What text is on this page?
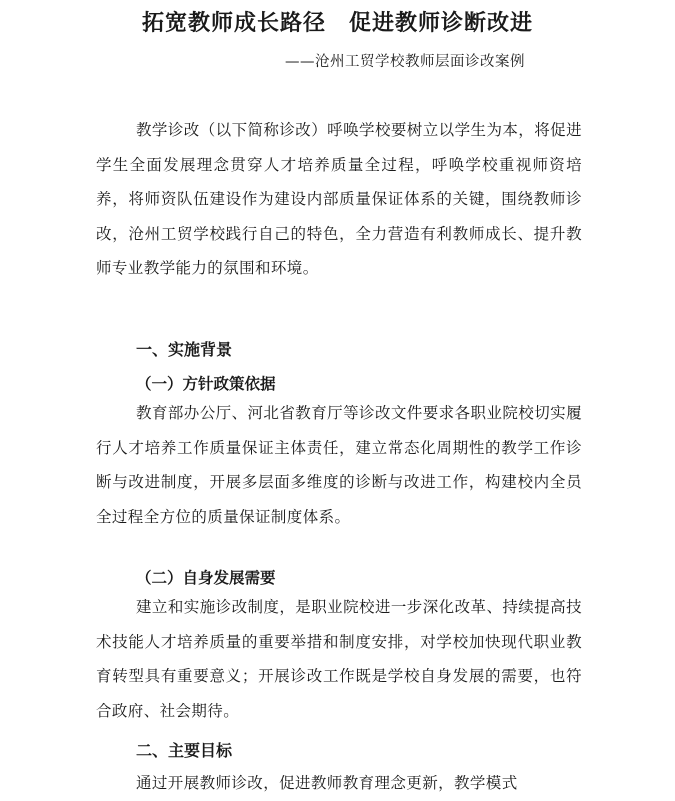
拓宽教师成长路径　促进教师诊断改进
——沧州工贸学校教师层面诊改案例
教学诊改（以下简称诊改）呼唤学校要树立以学生为本，将促进学生全面发展理念贯穿人才培养质量全过程，呼唤学校重视师资培养，将师资队伍建设作为建设内部质量保证体系的关键，围绕教师诊改，沧州工贸学校践行自己的特色，全力营造有利教师成长、提升教师专业教学能力的氛围和环境。
一、实施背景
（一）方针政策依据
教育部办公厅、河北省教育厅等诊改文件要求各职业院校切实履行人才培养工作质量保证主体责任，建立常态化周期性的教学工作诊断与改进制度，开展多层面多维度的诊断与改进工作，构建校内全员全过程全方位的质量保证制度体系。
（二）自身发展需要
建立和实施诊改制度，是职业院校进一步深化改革、持续提高技术技能人才培养质量的重要举措和制度安排，对学校加快现代职业教育转型具有重要意义；开展诊改工作既是学校自身发展的需要，也符合政府、社会期待。
二、主要目标
通过开展教师诊改，促进教师教育理念更新，教学模式
